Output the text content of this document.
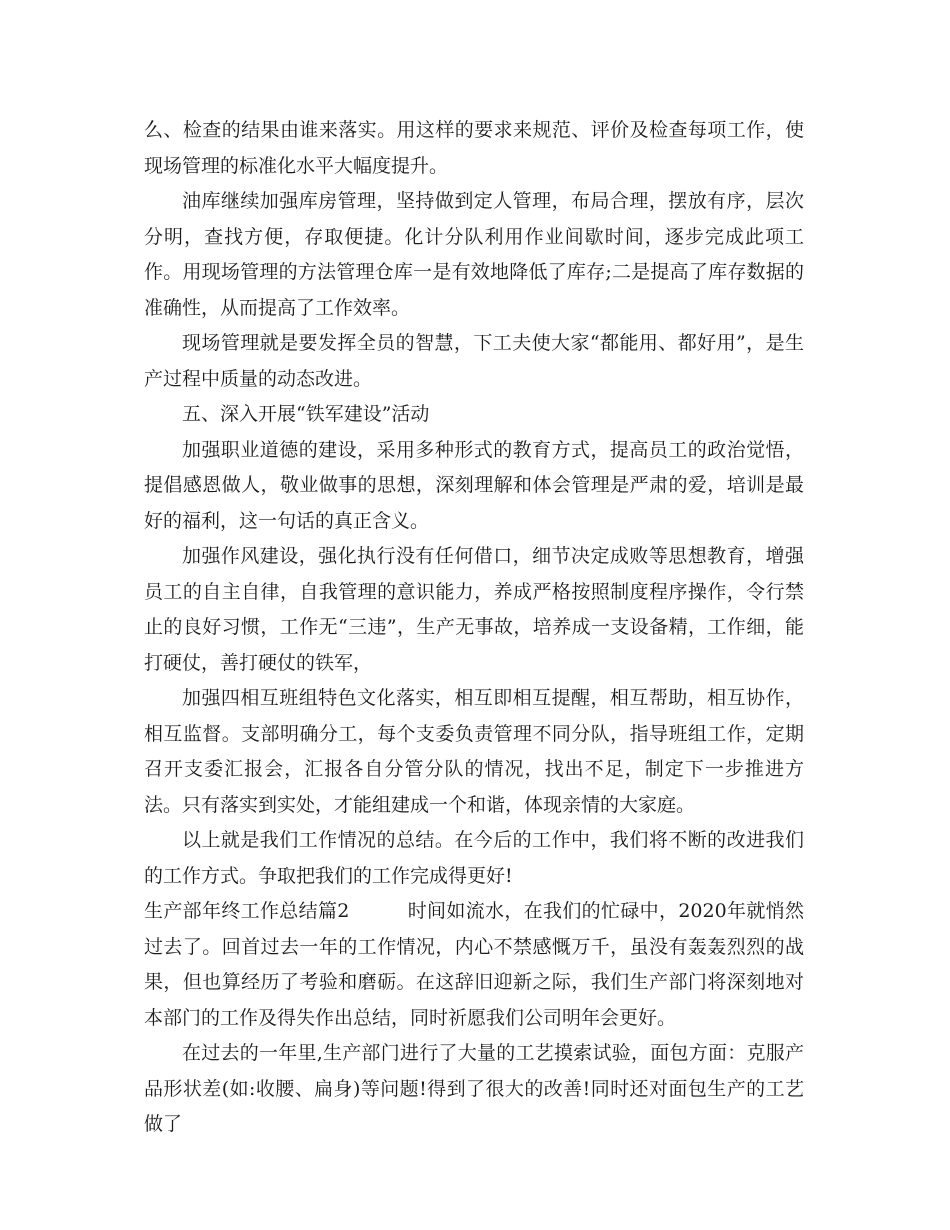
么、检查的结果由谁来落实。用这样的要求来规范、评价及检查每项工作，使现场管理的标准化水平大幅度提升。

油库继续加强库房管理，坚持做到定人管理，布局合理，摆放有序，层次分明，查找方便，存取便捷。化计分队利用作业间歇时间，逐步完成此项工作。用现场管理的方法管理仓库一是有效地降低了库存;二是提高了库存数据的准确性，从而提高了工作效率。

现场管理就是要发挥全员的智慧，下工夫使大家“都能用、都好用”，是生产过程中质量的动态改进。

五、深入开展“铁军建设”活动

加强职业道德的建设，采用多种形式的教育方式，提高员工的政治觉悟，提倡感恩做人，敬业做事的思想，深刻理解和体会管理是严肃的爱，培训是最好的福利，这一句话的真正含义。

加强作风建设，强化执行没有任何借口，细节决定成败等思想教育，增强员工的自主自律，自我管理的意识能力，养成严格按照制度程序操作，令行禁止的良好习惯，工作无“三违”，生产无事故，培养成一支设备精，工作细，能打硬仗，善打硬仗的铁军，

加强四相互班组特色文化落实，相互即相互提醒，相互帮助，相互协作，相互监督。支部明确分工，每个支委负责管理不同分队，指导班组工作，定期召开支委汇报会，汇报各自分管分队的情况，找出不足，制定下一步推进方法。只有落实到实处，才能组建成一个和谐，体现亲情的大家庭。

以上就是我们工作情况的总结。在今后的工作中，我们将不断的改进我们的工作方式。争取把我们的工作完成得更好!

生产部年终工作总结篇2　　　时间如流水，在我们的忙碌中，2020年就悄然过去了。回首过去一年的工作情况，内心不禁感慨万千，虽没有轰轰烈烈的战果，但也算经历了考验和磨砺。在这辞旧迎新之际，我们生产部门将深刻地对本部门的工作及得失作出总结，同时祈愿我们公司明年会更好。

在过去的一年里,生产部门进行了大量的工艺摸索试验，面包方面：克服产品形状差(如:收腰、扁身)等问题!得到了很大的改善!同时还对面包生产的工艺做了
